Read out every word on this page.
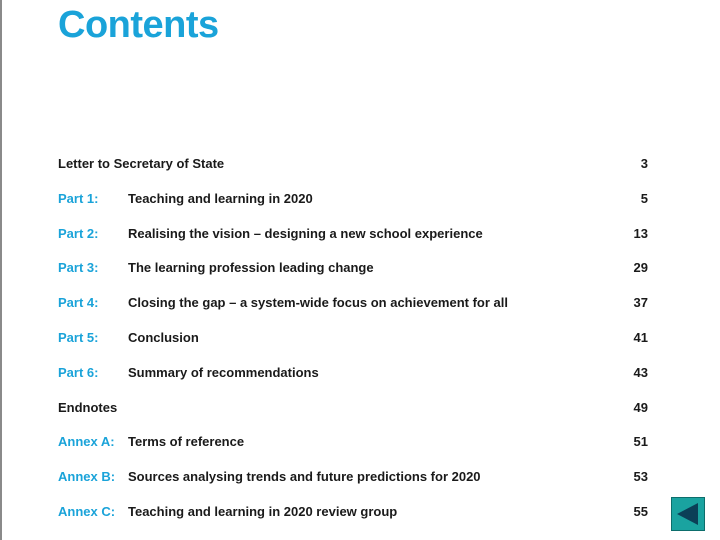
Contents
Letter to Secretary of State	3
Part 1: Teaching and learning in 2020	5
Part 2: Realising the vision – designing a new school experience	13
Part 3: The learning profession leading change	29
Part 4: Closing the gap – a system-wide focus on achievement for all	37
Part 5: Conclusion	41
Part 6: Summary of recommendations	43
Endnotes	49
Annex A: Terms of reference	51
Annex B: Sources analysing trends and future predictions for 2020	53
Annex C: Teaching and learning in 2020 review group	55
